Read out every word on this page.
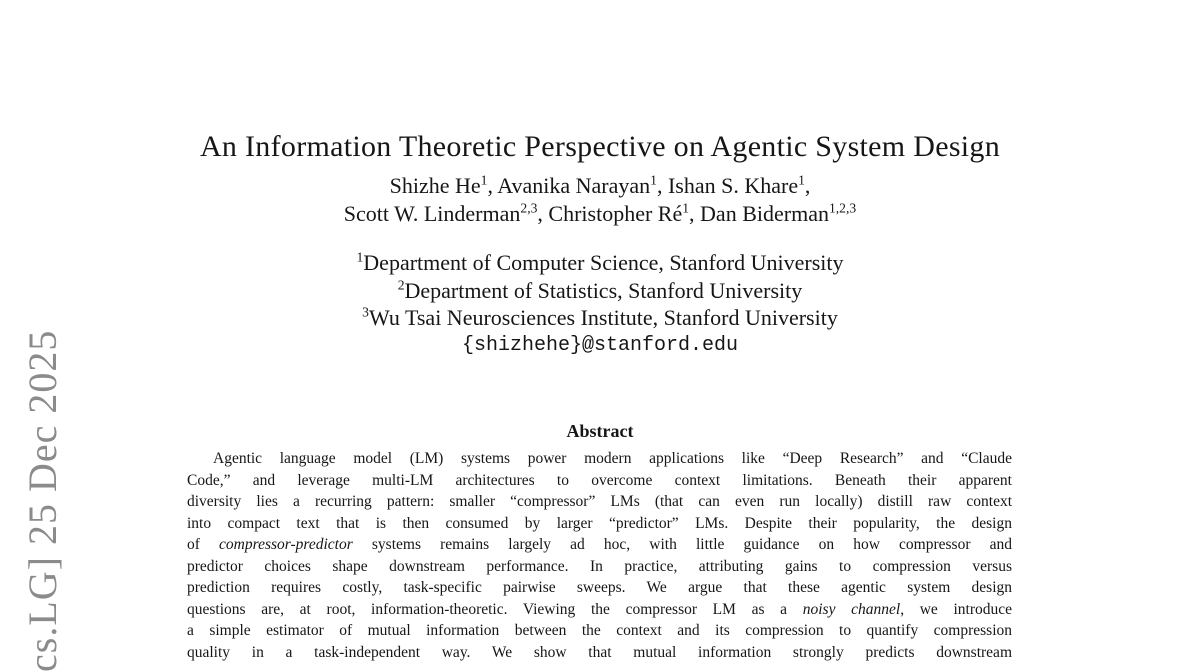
cs.LG] 25 Dec 2025
An Information Theoretic Perspective on Agentic System Design
Shizhe He$^1$, Avanika Narayan$^1$, Ishan S. Khare$^1$,
Scott W. Linderman$^{2,3}$, Christopher $Ré^1$, Dan Biderman$^{1,2,3}$
$^1$Department of Computer Science, Stanford University
$^2$Department of Statistics, Stanford University
$^3$Wu Tsai Neurosciences Institute, Stanford University
{shizhehe}@stanford.edu
Abstract
Agentic language model (LM) systems power modern applications like “Deep Research” and “Claude
Code,” and leverage multi-LM architectures to overcome context limitations. Beneath their apparent
diversity lies a recurring pattern: smaller “compressor” LMs (that can even run locally) distill raw context
into compact text that is then consumed by larger “predictor” LMs. Despite their popularity, the design
of compressor-predictor systems remains largely ad hoc, with little guidance on how compressor and
predictor choices shape downstream performance. In practice, attributing gains to compression versus
prediction requires costly, task-specific pairwise sweeps. We argue that these agentic system design
questions are, at root, information-theoretic. Viewing the compressor LM as a noisy channel, we introduce
a simple estimator of mutual information between the context and its compression to quantify compression
quality in a task-independent way. We show that mutual information strongly predicts downstream
